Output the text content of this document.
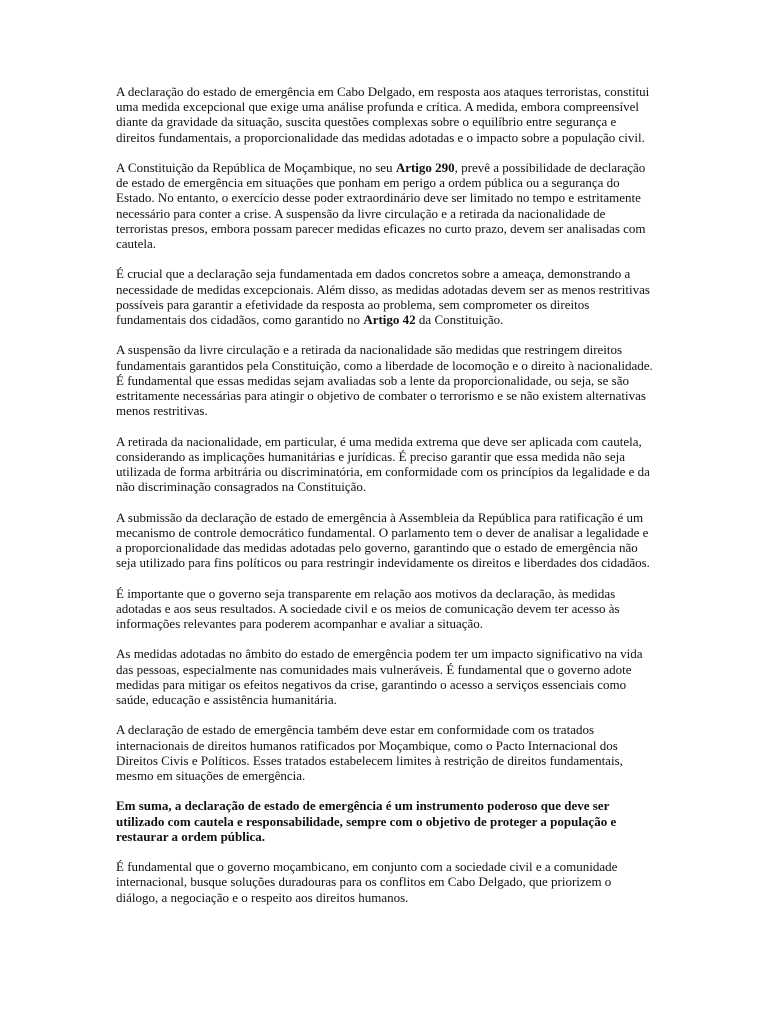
A declaração do estado de emergência em Cabo Delgado, em resposta aos ataques terroristas, constitui uma medida excepcional que exige uma análise profunda e crítica. A medida, embora compreensível diante da gravidade da situação, suscita questões complexas sobre o equilíbrio entre segurança e direitos fundamentais, a proporcionalidade das medidas adotadas e o impacto sobre a população civil.

A Constituição da República de Moçambique, no seu Artigo 290, prevê a possibilidade de declaração de estado de emergência em situações que ponham em perigo a ordem pública ou a segurança do Estado. No entanto, o exercício desse poder extraordinário deve ser limitado no tempo e estritamente necessário para conter a crise. A suspensão da livre circulação e a retirada da nacionalidade de terroristas presos, embora possam parecer medidas eficazes no curto prazo, devem ser analisadas com cautela.

É crucial que a declaração seja fundamentada em dados concretos sobre a ameaça, demonstrando a necessidade de medidas excepcionais. Além disso, as medidas adotadas devem ser as menos restritivas possíveis para garantir a efetividade da resposta ao problema, sem comprometer os direitos fundamentais dos cidadãos, como garantido no Artigo 42 da Constituição.

A suspensão da livre circulação e a retirada da nacionalidade são medidas que restringem direitos fundamentais garantidos pela Constituição, como a liberdade de locomoção e o direito à nacionalidade. É fundamental que essas medidas sejam avaliadas sob a lente da proporcionalidade, ou seja, se são estritamente necessárias para atingir o objetivo de combater o terrorismo e se não existem alternativas menos restritivas.

A retirada da nacionalidade, em particular, é uma medida extrema que deve ser aplicada com cautela, considerando as implicações humanitárias e jurídicas. É preciso garantir que essa medida não seja utilizada de forma arbitrária ou discriminatória, em conformidade com os princípios da legalidade e da não discriminação consagrados na Constituição.

A submissão da declaração de estado de emergência à Assembleia da República para ratificação é um mecanismo de controle democrático fundamental. O parlamento tem o dever de analisar a legalidade e a proporcionalidade das medidas adotadas pelo governo, garantindo que o estado de emergência não seja utilizado para fins políticos ou para restringir indevidamente os direitos e liberdades dos cidadãos.

É importante que o governo seja transparente em relação aos motivos da declaração, às medidas adotadas e aos seus resultados. A sociedade civil e os meios de comunicação devem ter acesso às informações relevantes para poderem acompanhar e avaliar a situação.

As medidas adotadas no âmbito do estado de emergência podem ter um impacto significativo na vida das pessoas, especialmente nas comunidades mais vulneráveis. É fundamental que o governo adote medidas para mitigar os efeitos negativos da crise, garantindo o acesso a serviços essenciais como saúde, educação e assistência humanitária.

A declaração de estado de emergência também deve estar em conformidade com os tratados internacionais de direitos humanos ratificados por Moçambique, como o Pacto Internacional dos Direitos Civis e Políticos. Esses tratados estabelecem limites à restrição de direitos fundamentais, mesmo em situações de emergência.

Em suma, a declaração de estado de emergência é um instrumento poderoso que deve ser utilizado com cautela e responsabilidade, sempre com o objetivo de proteger a população e restaurar a ordem pública.

É fundamental que o governo moçambicano, em conjunto com a sociedade civil e a comunidade internacional, busque soluções duradouras para os conflitos em Cabo Delgado, que priorizem o diálogo, a negociação e o respeito aos direitos humanos.
